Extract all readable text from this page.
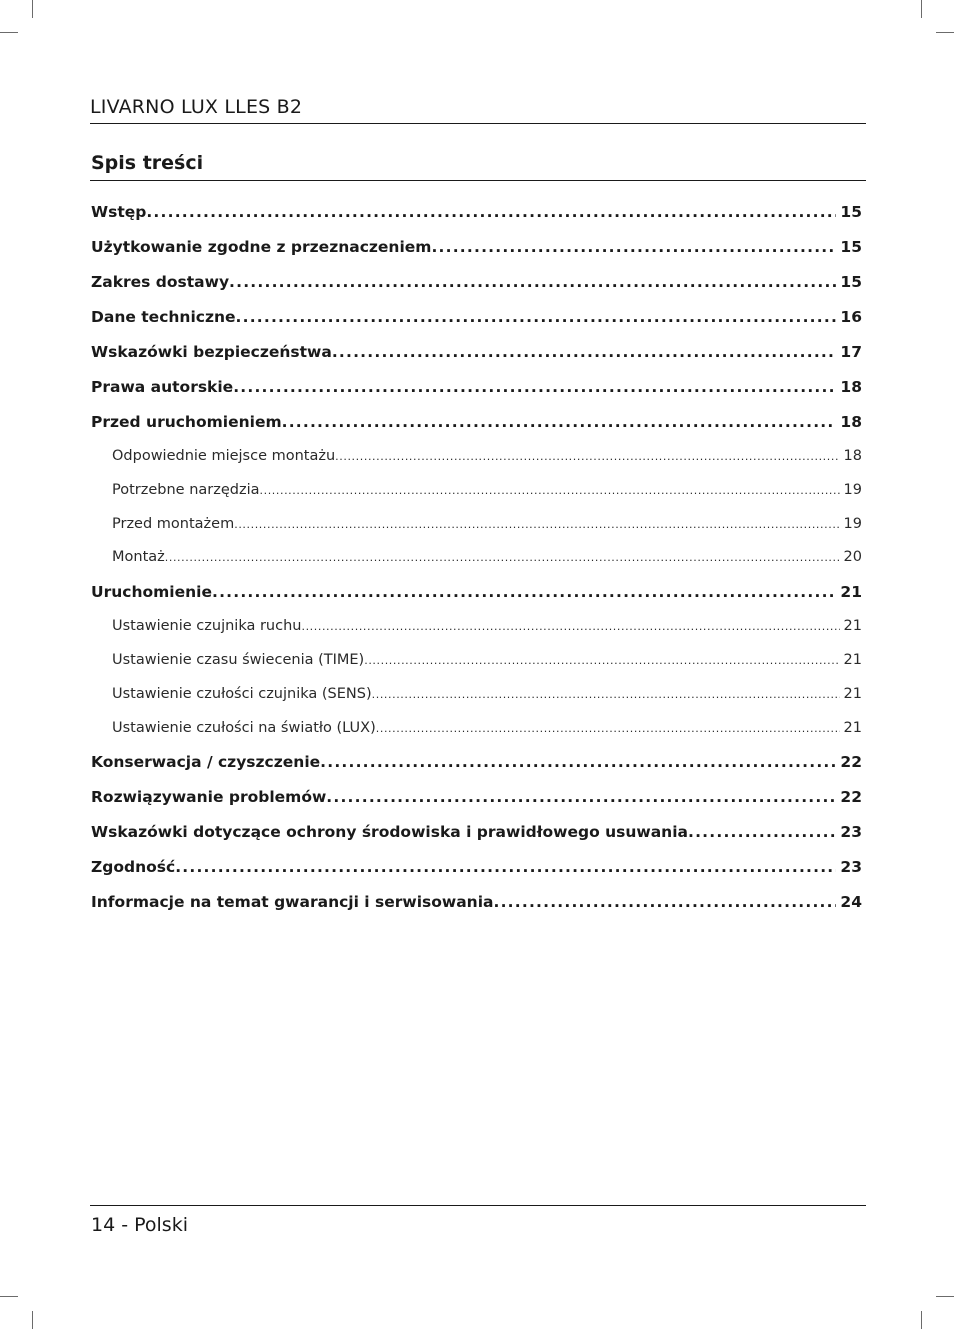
LIVARNO LUX LLES B2
Spis treści
Wstęp .....	15
Użytkowanie zgodne z przeznaczeniem .....	15
Zakres dostawy .....	15
Dane techniczne .....	16
Wskazówki bezpieczeństwa .....	17
Prawa autorskie .....	18
Przed uruchomieniem .....	18
Odpowiednie miejsce montażu .....	18
Potrzebne narzędzia .....	19
Przed montażem .....	19
Montaż .....	20
Uruchomienie .....	21
Ustawienie czujnika ruchu .....	21
Ustawienie czasu świecenia (TIME) .....	21
Ustawienie czułości czujnika (SENS) .....	21
Ustawienie czułości na światło (LUX) .....	21
Konserwacja / czyszczenie .....	22
Rozwiązywanie problemów .....	22
Wskazówki dotyczące ochrony środowiska i prawidłowego usuwania .....	23
Zgodność .....	23
Informacje na temat gwarancji i serwisowania .....	24
14 - Polski
